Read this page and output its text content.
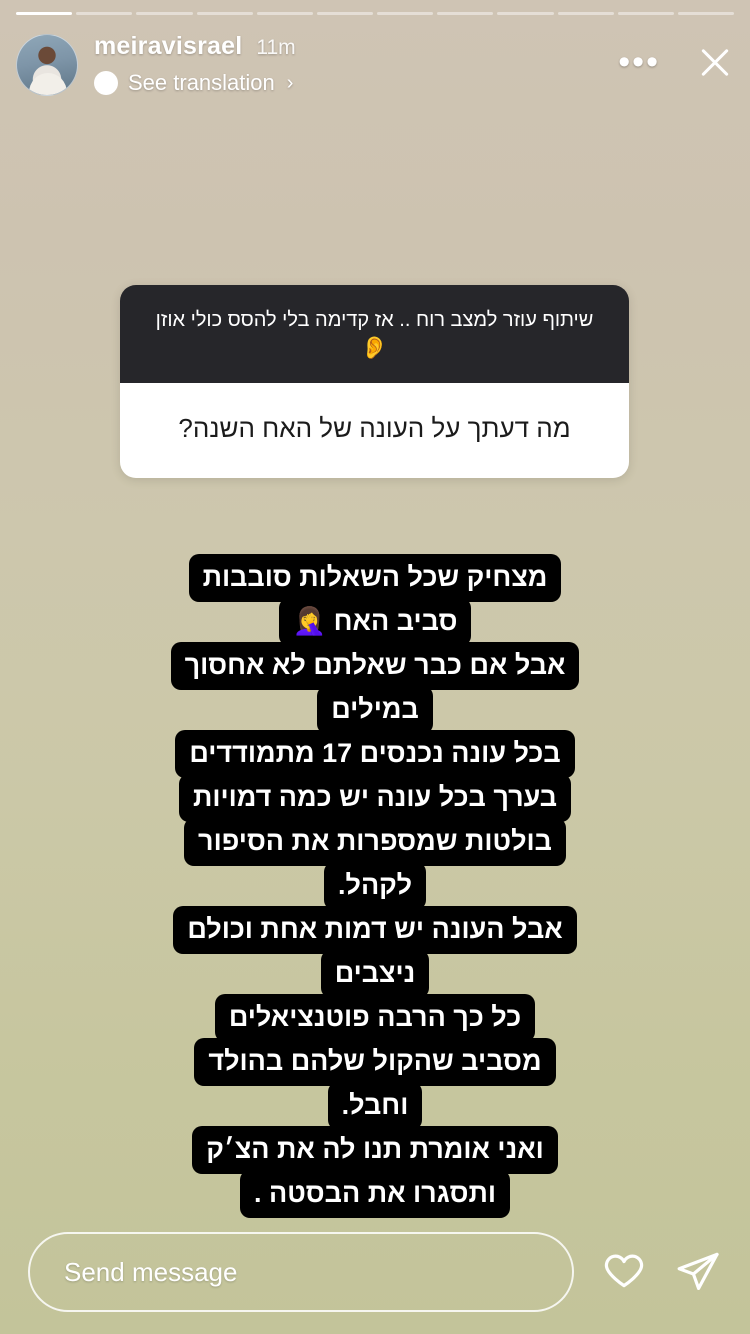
meiravisrael 11m
See translation ›
•••
שיתוף עוזר למצב רוח .. אז קדימה בלי להסס כולי אוזן
👂
מה דעתך על העונה של האח השנה?
מצחיק שכל השאלות סובבות
סביב האח 🤦‍♀️
אבל אם כבר שאלתם לא אחסוך
במילים
בכל עונה נכנסים 17 מתמודדים
בערך בכל עונה יש כמה דמויות
בולטות שמספרות את הסיפור
לקהל.
אבל העונה יש דמות אחת וכולם
ניצבים
כל כך הרבה פוטנציאלים
מסביב שהקול שלהם בהולד
וחבל.
ואני אומרת תנו לה את הצ׳ק
ותסגרו את הבסטה .
Send message
